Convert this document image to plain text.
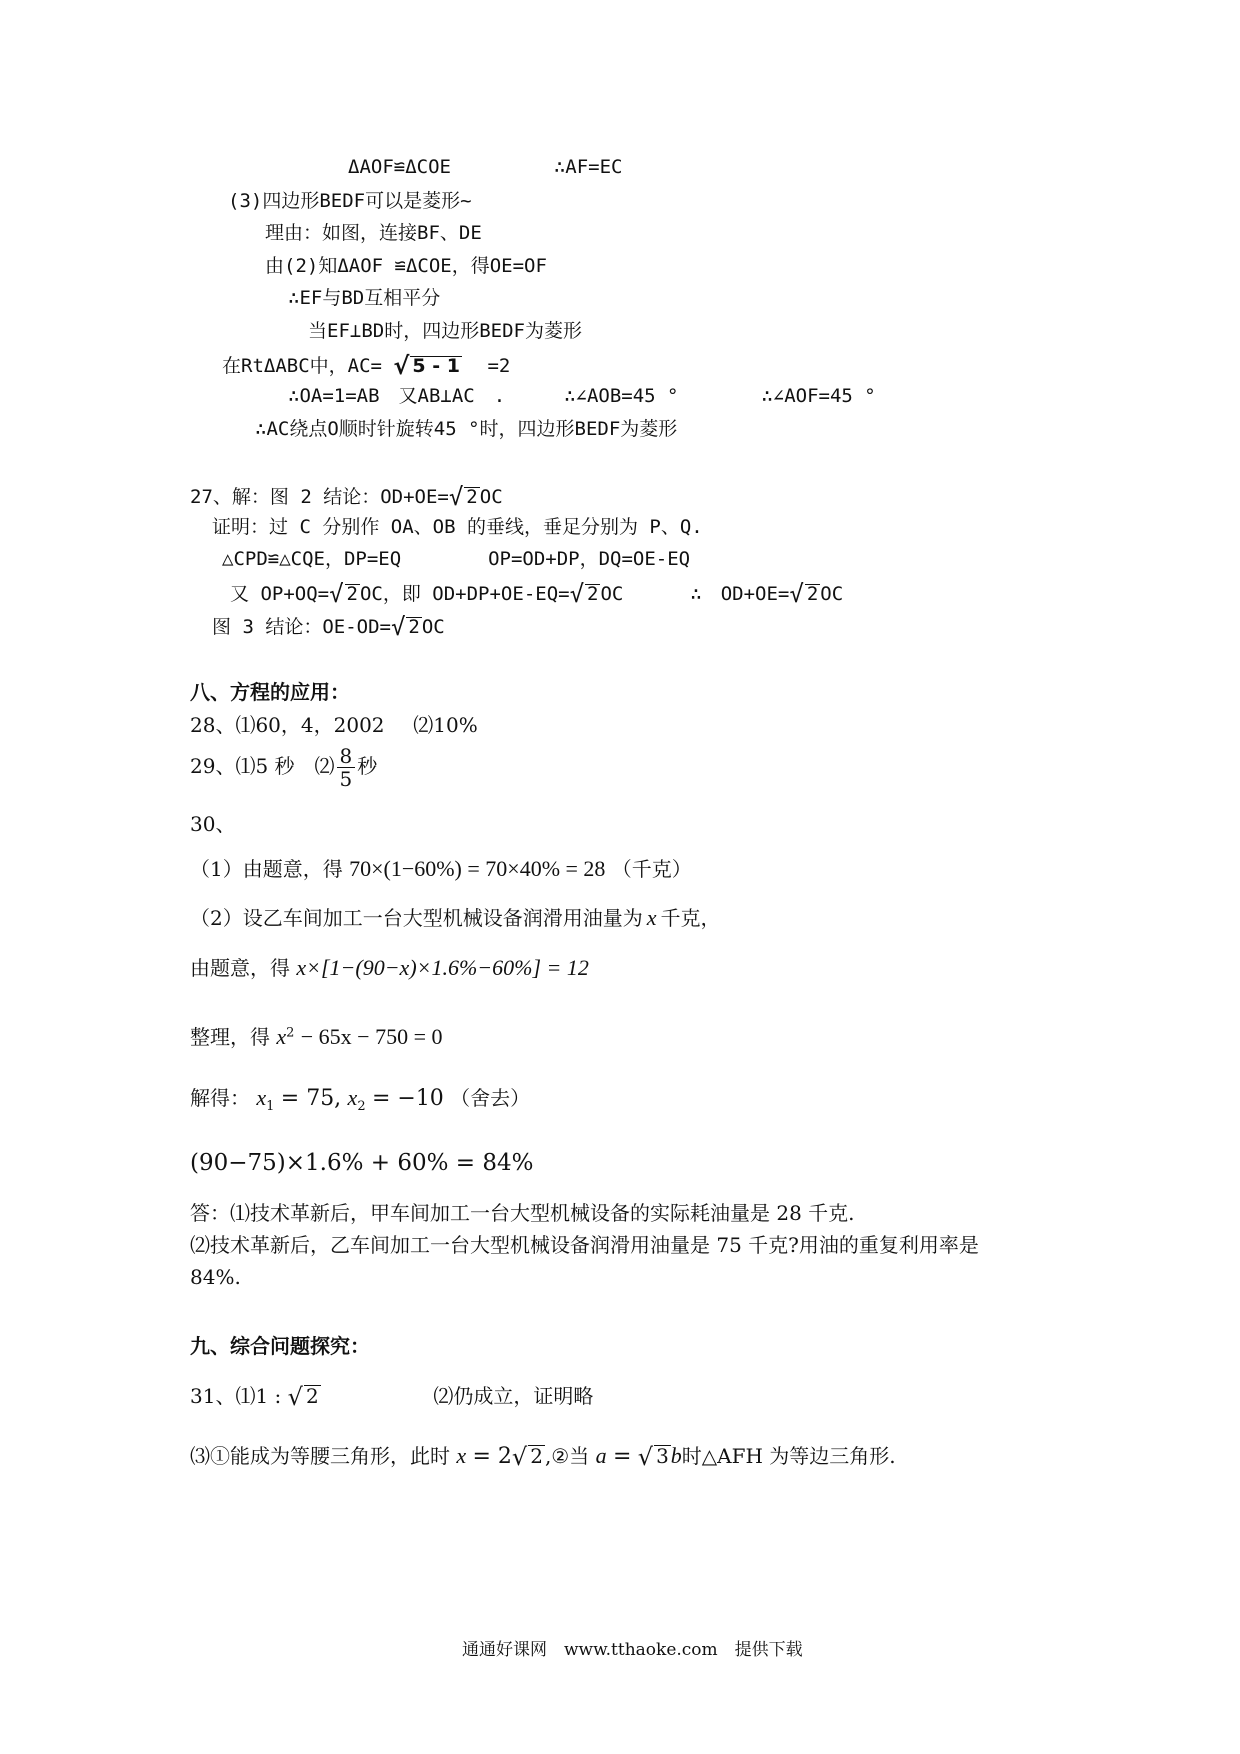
ΔAOF≌ΔCOE	∴AF=EC
(3)四边形BEDF可以是菱形~
理由：如图，连接BF、DE
由(2)知ΔAOF ≌ΔCOE，得OE=OF
∴EF与BD互相平分
当EF⊥BD时，四边形BEDF为菱形
在RtΔABC中，AC= √ 5 - 1 =2
∴OA=1=AB　又AB⊥AC　.	∴∠AOB=45 °	∴∠AOF=45 °
∴AC绕点O顺时针旋转45 °时，四边形BEDF为菱形
27、解：图 2 结论：OD+OE=√ 2 OC
证明：过 C 分别作 OA、OB 的垂线，垂足分别为 P、Q.
△CPD≌△CQE，DP=EQ	OP=OD+DP，DQ=OE-EQ
又 OP+OQ=√ 2 OC，即 OD+DP+OE-EQ=√ 2 OC	∴　OD+OE=√ 2 OC
图 3 结论：OE-OD=√ 2 OC
八、方程的应用：
28、⑴60，4，2002 ⑵10%
29、⑴5 秒　⑵ $\frac{8}{5}$ 秒
30、
（1）由题意，得 70×(1−60%) = 70×40% = 28 （千克）
（2）设乙车间加工一台大型机械设备润滑用油量为 x 千克，
由题意，得 x×[1−(90−x)×1.6%−60%] = 12
整理，得 $x^2 - 65x - 750 = 0$
解得： $x_1 = 75$, $x_2 = -10$ （舍去）
(90−75)×1.6% + 60% = 84%
答：⑴技术革新后，甲车间加工一台大型机械设备的实际耗油量是 28 千克.
⑵技术革新后，乙车间加工一台大型机械设备润滑用油量是 75 千克?用油的重复利用率是
84%.
九、综合问题探究：
31、⑴1 : √ 2	⑵仍成立，证明略
⑶①能成为等腰三角形，此时 x = 2√ 2 ,②当 a = √ 3b时△AFH 为等边三角形.
通通好课网　www.tthaoke.com　提供下载
